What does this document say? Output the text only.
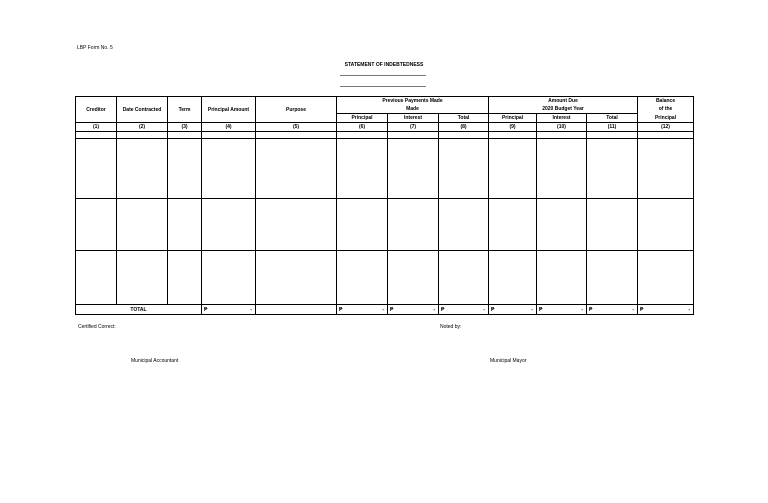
LBP Form No. 5
STATEMENT OF INDEBTEDNESS
Creditor	Date Contracted	Term	Principal Amount	Purpose	Previous Payments Made			Amount Due			Balance
					Made			2020 Budget Year			of the
					Principal	Interest	Total	Principal	Interest	Total	Principal
(1)	(2)	(3)	(4)	(5)	(6)	(7)	(8)	(9)	(10)	(11)	(12)

TOTAL			₱ -		₱ -	₱ -	₱ -	₱ -	₱ -	₱ -	₱ -
Certified Correct:	Noted by:
Municipal Accountant	Municipal Mayor
